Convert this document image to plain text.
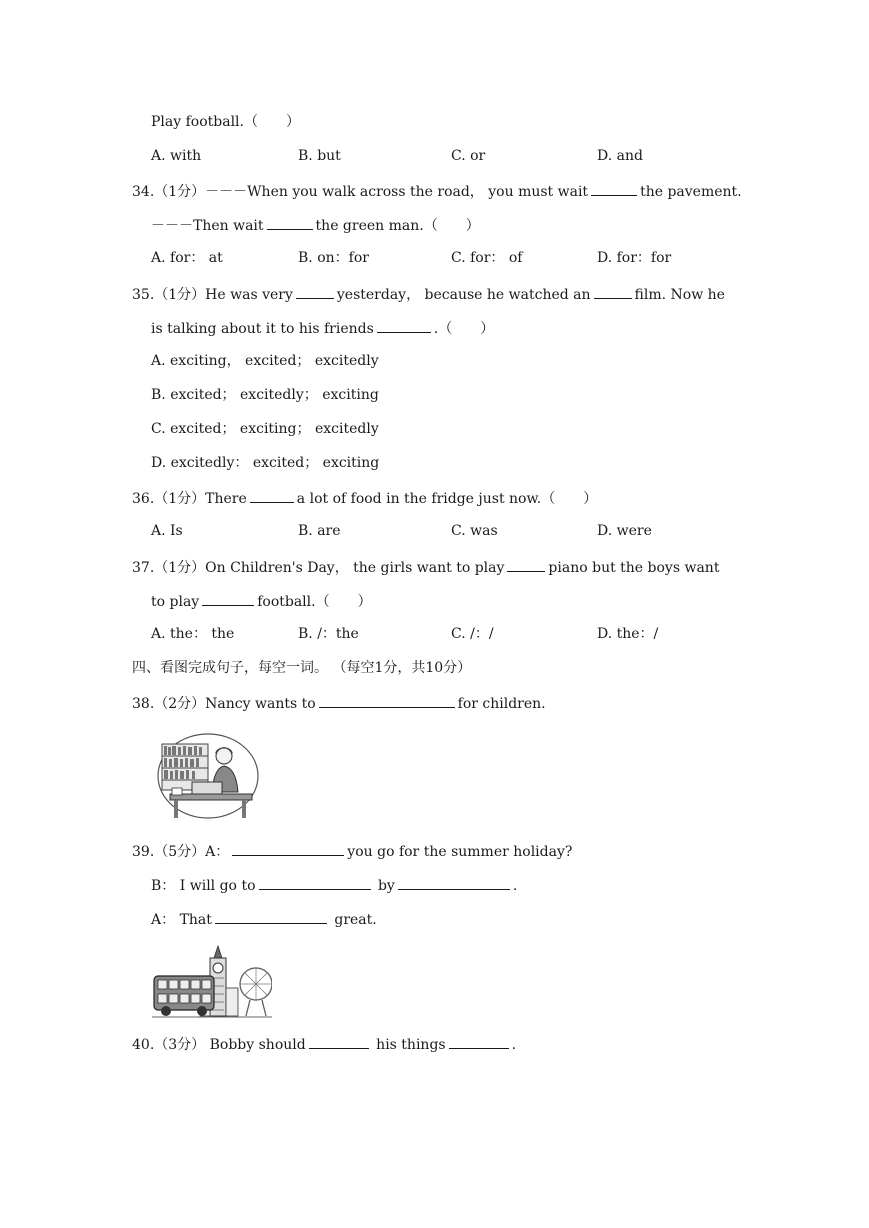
Play football.（　　）
A. with	B. but	C. or	D. and
34.（1分）－－－When you walk across the road， you must wait	the pavement.
－－－Then wait	the green man.（　　）
A. for： at	B. on：for	C. for： of	D. for：for
35.（1分）He was very	yesterday， because he watched an	film. Now he
is talking about it to his friends	.（　　）
A. exciting， excited； excitedly
B. excited； excitedly； exciting
C. excited； exciting； excitedly
D. excitedly： excited； exciting
36.（1分）There	a lot of food in the fridge just now.（　　）
A. Is	B. are	C. was	D. were
37.（1分）On Children's Day， the girls want to play	piano but the boys want
to play	football.（　　）
A. the： the	B. /：the	C. /：/	D. the：/
四、看图完成句子，每空一词。 （每空1分，共10分）
38.（2分）Nancy wants to	for children.
39.（5分）A：	you go for the summer holiday?
B： I will go to	by	.
A： That	great.
40.（3分） Bobby should	his things	.
